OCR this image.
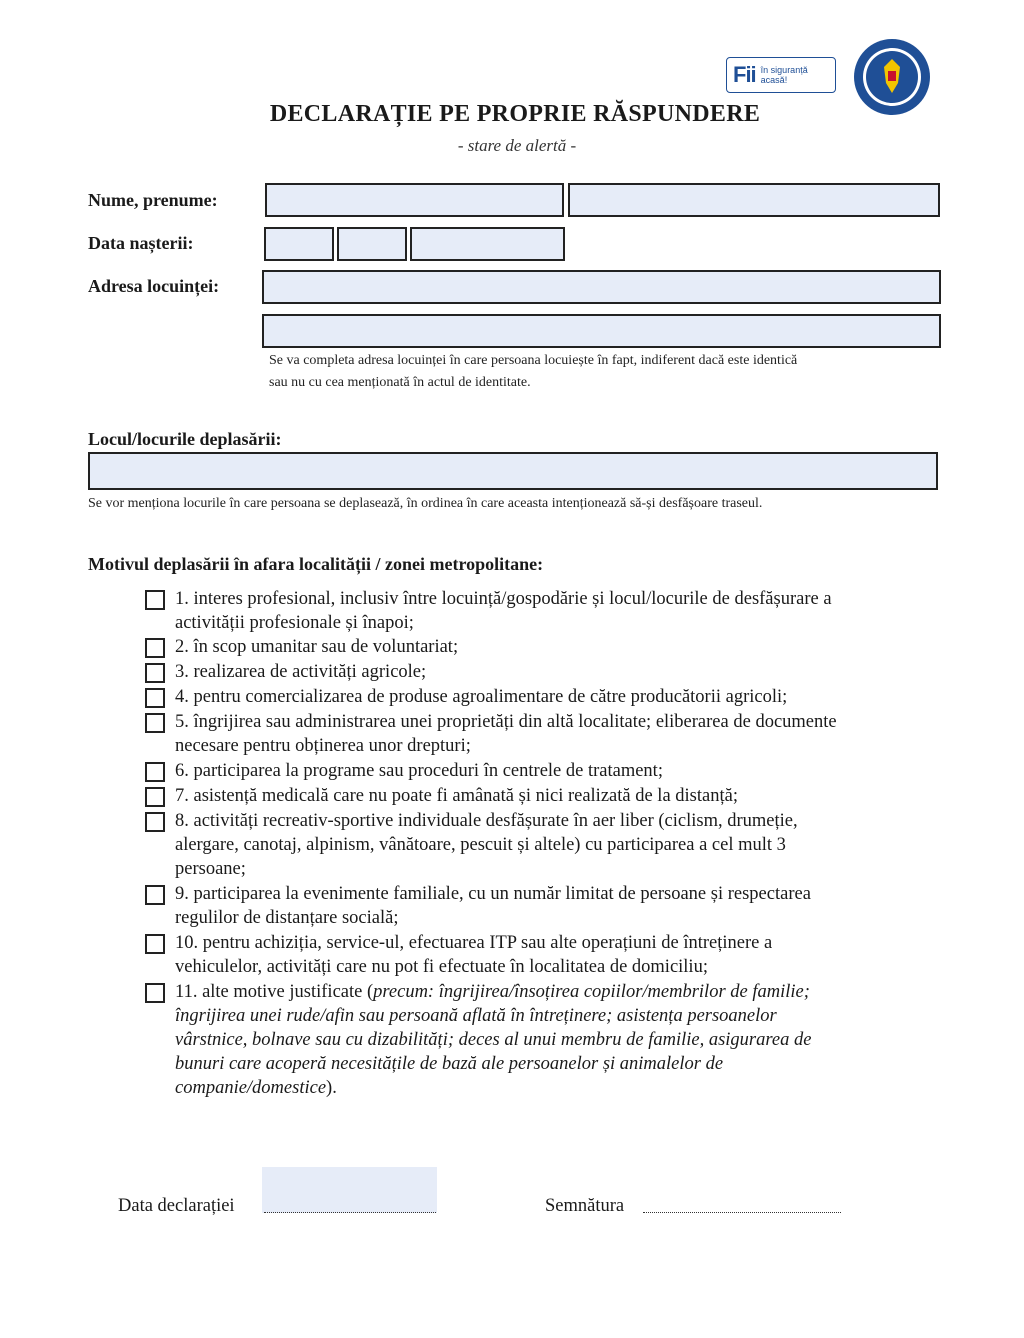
Fii în siguranță
acasă!
DECLARAȚIE PE PROPRIE RĂSPUNDERE
- stare de alertă -
Nume, prenume:
Data nașterii:
Adresa locuinței:
Se va completa adresa locuinței în care persoana locuiește în fapt, indiferent dacă este identică
sau nu cu cea menționată în actul de identitate.
Locul/locurile deplasării:
Se vor menționa locurile în care persoana se deplasează, în ordinea în care aceasta intenționează să-și desfășoare traseul.
Motivul deplasării în afara localității / zonei metropolitane:
1. interes profesional, inclusiv între locuință/gospodărie și locul/locurile de desfășurare a
activității profesionale și înapoi;
2. în scop umanitar sau de voluntariat;
3. realizarea de activități agricole;
4. pentru comercializarea de produse agroalimentare de către producătorii agricoli;
5. îngrijirea sau administrarea unei proprietăți din altă localitate; eliberarea de documente
necesare pentru obținerea unor drepturi;
6. participarea la programe sau proceduri în centrele de tratament;
7. asistență medicală care nu poate fi amânată și nici realizată de la distanță;
8. activități recreativ-sportive individuale desfășurate în aer liber (ciclism, drumeție,
alergare, canotaj, alpinism, vânătoare, pescuit și altele) cu participarea a cel mult 3
persoane;
9. participarea la evenimente familiale, cu un număr limitat de persoane și respectarea
regulilor de distanțare socială;
10. pentru achiziția, service-ul, efectuarea ITP sau alte operațiuni de întreținere a
vehiculelor, activități care nu pot fi efectuate în localitatea de domiciliu;
11. alte motive justificate (precum: îngrijirea/însoțirea copiilor/membrilor de familie;
îngrijirea unei rude/afin sau persoană aflată în întreținere; asistența persoanelor
vârstnice, bolnave sau cu dizabilități; deces al unui membru de familie, asigurarea de
bunuri care acoperă necesitățile de bază ale persoanelor și animalelor de
companie/domestice).
Data declarației	Semnătura
